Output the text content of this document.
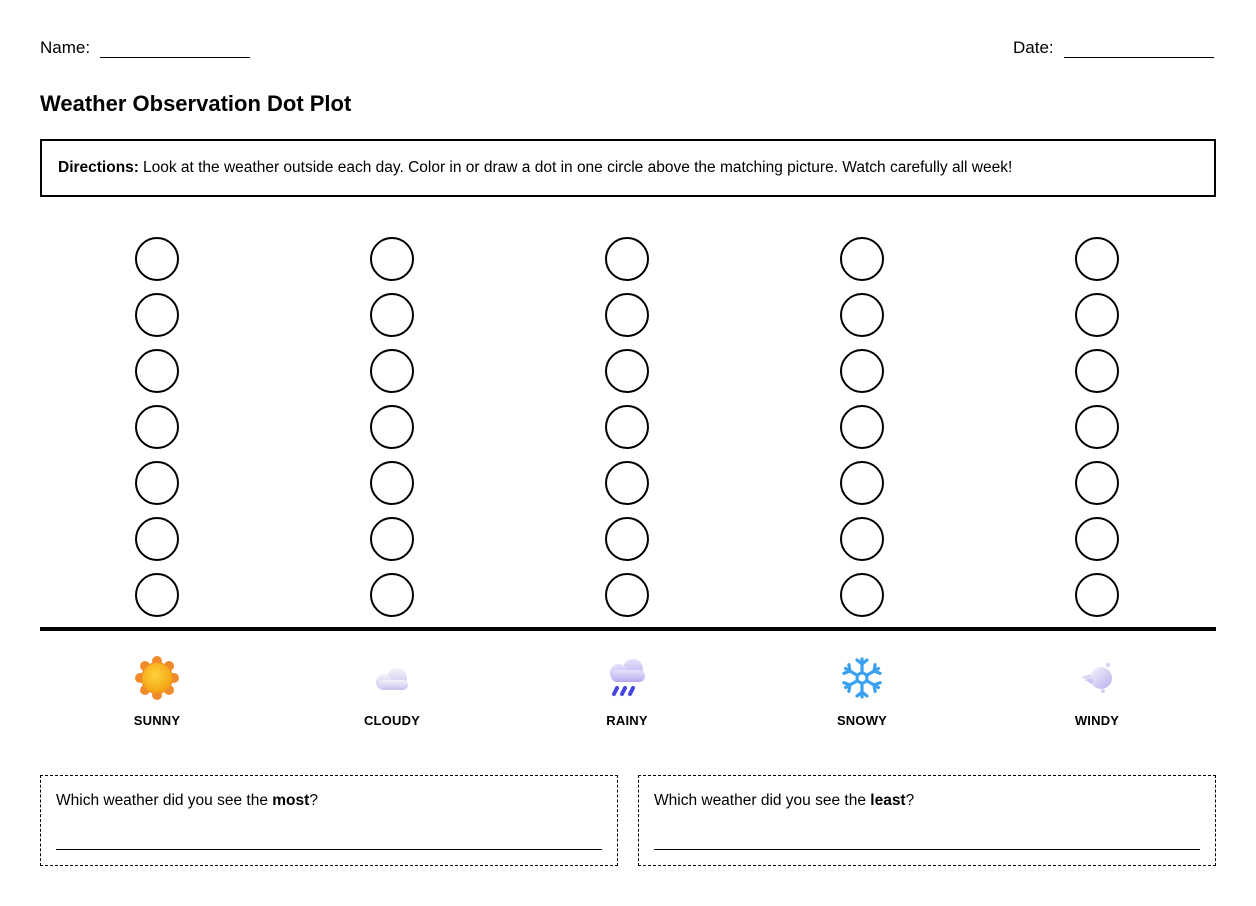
Name:	Date:
Weather Observation Dot Plot
Directions: Look at the weather outside each day. Color in or draw a dot in one circle above the matching picture. Watch carefully all week!
SUNNY	CLOUDY	RAINY	SNOWY	WINDY
Which weather did you see the most?	Which weather did you see the least?
